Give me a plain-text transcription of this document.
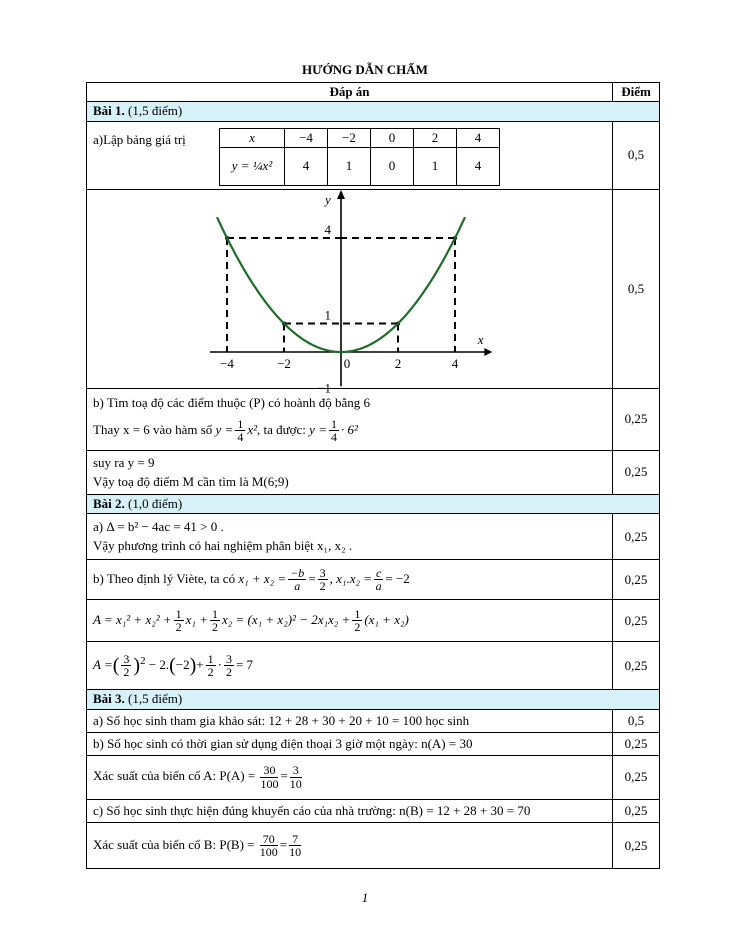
HƯỚNG DẪN CHẤM
Đáp án	Điểm
Bài 1. (1,5 điểm)

a)Lập bảng giá trị	x	−4	−2	0	2	4
y = ¼x²	4	1	0	1	4
	0,5

−4	−2	0	2	4
4
1
−1
x
y
	0,5

b) Tìm toạ độ các điểm thuộc (P) có hoành độ bằng 6
Thay x = 6 vào hàm số $y = \frac{1}{4} x^2$, ta được: $y = \frac{1}{4} \cdot 6^2$
	0,25

suy ra y = 9
Vậy toạ độ điểm M cần tìm là M(6;9)
	0,25
Bài 2. (1,0 điểm)

a) Δ = b² − 4ac = 41 > 0 .
Vậy phương trình có hai nghiệm phân biệt x₁, x₂ .
	0,25
b) Theo định lý Viète, ta có $x_1 + x_2 = \frac{-b}{a} = \frac{3}{2}$ , $x_1.x_2 = \frac{c}{a} = -2$	0,25
$A = x_1^2 + x_2^2 + \frac{1}{2} x_1 + \frac{1}{2} x_2 = (x_1 + x_2)^2 - 2x_1x_2 + \frac{1}{2} (x_1 + x_2)$	0,25
A =( $\frac{3}{2} )^2 - 2.(-2)+ \frac{1}{2} \cdot \frac{3}{2} = 7$	0,25
Bài 3. (1,5 điểm)
a) Số học sinh tham gia khảo sát: 12 + 28 + 30 + 20 + 10 = 100 học sinh	0,5
b) Số học sinh có thời gian sử dụng điện thoại 3 giờ một ngày: n(A) = 30	0,25
Xác suất của biến cố A: $P(A) = \frac{30}{100} = \frac{3}{10}$	0,25
c) Số học sinh thực hiện đúng khuyến cáo của nhà trường: n(B) = 12 + 28 + 30 = 70	0,25
Xác suất của biến cố B: $P(B) = \frac{70}{100} = \frac{7}{10}$	0,25
1
